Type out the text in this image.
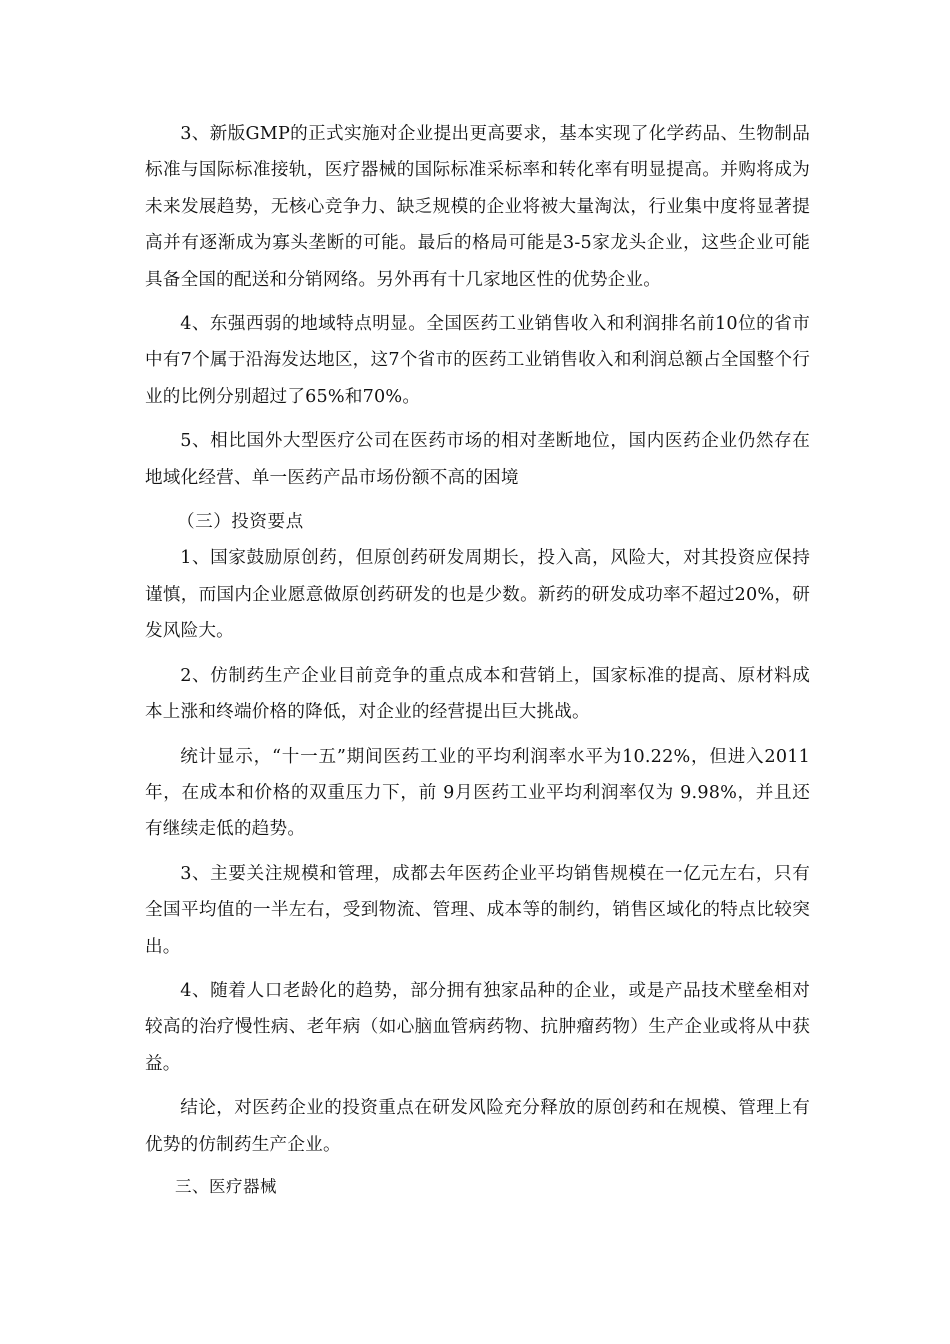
3、新版GMP的正式实施对企业提出更高要求，基本实现了化学药品、生物制品标准与国际标准接轨，医疗器械的国际标准采标率和转化率有明显提高。并购将成为未来发展趋势，无核心竞争力、缺乏规模的企业将被大量淘汰，行业集中度将显著提高并有逐渐成为寡头垄断的可能。最后的格局可能是3-5家龙头企业，这些企业可能具备全国的配送和分销网络。另外再有十几家地区性的优势企业。

4、东强西弱的地域特点明显。全国医药工业销售收入和利润排名前10位的省市中有7个属于沿海发达地区，这7个省市的医药工业销售收入和利润总额占全国整个行业的比例分别超过了65%和70%。

5、相比国外大型医疗公司在医药市场的相对垄断地位，国内医药企业仍然存在地域化经营、单一医药产品市场份额不高的困境

（三）投资要点

1、国家鼓励原创药，但原创药研发周期长，投入高，风险大，对其投资应保持谨慎，而国内企业愿意做原创药研发的也是少数。新药的研发成功率不超过20%，研发风险大。

2、仿制药生产企业目前竞争的重点成本和营销上，国家标准的提高、原材料成本上涨和终端价格的降低，对企业的经营提出巨大挑战。

统计显示，“十一五”期间医药工业的平均利润率水平为10.22%，但进入2011年，在成本和价格的双重压力下，前 9月医药工业平均利润率仅为 9.98%，并且还有继续走低的趋势。

3、主要关注规模和管理，成都去年医药企业平均销售规模在一亿元左右，只有全国平均值的一半左右，受到物流、管理、成本等的制约，销售区域化的特点比较突出。

4、随着人口老龄化的趋势，部分拥有独家品种的企业，或是产品技术壁垒相对较高的治疗慢性病、老年病（如心脑血管病药物、抗肿瘤药物）生产企业或将从中获益。

结论，对医药企业的投资重点在研发风险充分释放的原创药和在规模、管理上有优势的仿制药生产企业。

三、医疗器械
